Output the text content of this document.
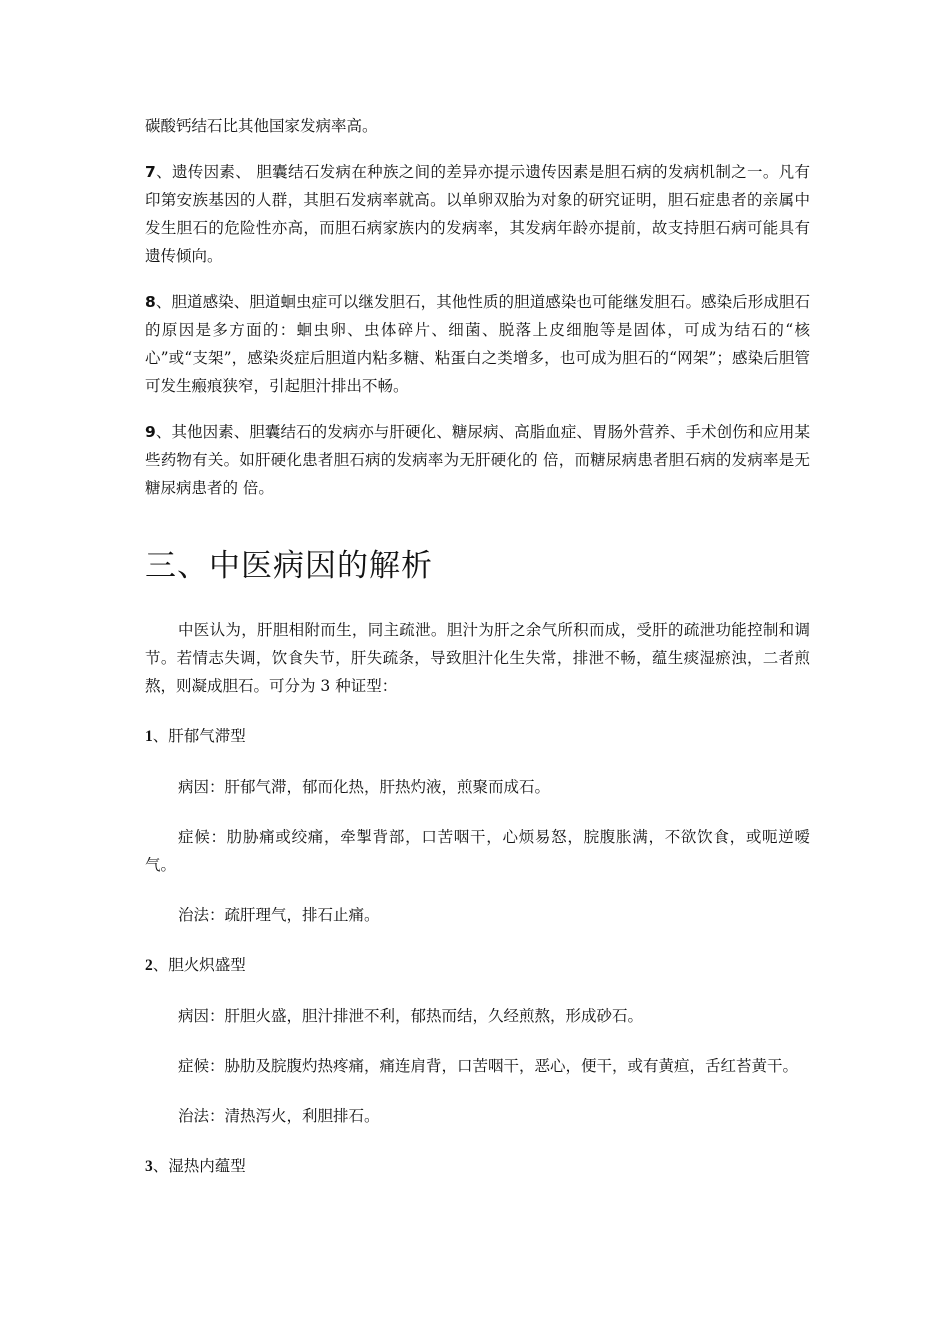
碳酸钙结石比其他国家发病率高。

7、遗传因素、 胆囊结石发病在种族之间的差异亦提示遗传因素是胆石病的发病机制之一。凡有印第安族基因的人群，其胆石发病率就高。以单卵双胎为对象的研究证明，胆石症患者的亲属中发生胆石的危险性亦高，而胆石病家族内的发病率，其发病年龄亦提前，故支持胆石病可能具有遗传倾向。

8、胆道感染、胆道蛔虫症可以继发胆石，其他性质的胆道感染也可能继发胆石。感染后形成胆石的原因是多方面的：蛔虫卵、虫体碎片、细菌、脱落上皮细胞等是固体，可成为结石的“核心”或“支架”，感染炎症后胆道内粘多糖、粘蛋白之类增多，也可成为胆石的“网架”；感染后胆管可发生瘢痕狭窄，引起胆汁排出不畅。

9、其他因素、胆囊结石的发病亦与肝硬化、糖尿病、高脂血症、胃肠外营养、手术创伤和应用某些药物有关。如肝硬化患者胆石病的发病率为无肝硬化的 倍，而糖尿病患者胆石病的发病率是无糖尿病患者的 倍。

三、中医病因的解析

中医认为，肝胆相附而生，同主疏泄。胆汁为肝之余气所积而成，受肝的疏泄功能控制和调节。若情志失调，饮食失节，肝失疏条，导致胆汁化生失常，排泄不畅，蕴生痰湿瘀浊，二者煎熬，则凝成胆石。可分为 3 种证型：

1、肝郁气滞型

病因：肝郁气滞，郁而化热，肝热灼液，煎聚而成石。

症候：肋胁痛或绞痛，牵掣背部，口苦咽干，心烦易怒，脘腹胀满，不欲饮食，或呃逆嗳气。

治法：疏肝理气，排石止痛。

2、胆火炽盛型

病因：肝胆火盛，胆汁排泄不利，郁热而结，久经煎熬，形成砂石。

症候：胁肋及脘腹灼热疼痛，痛连肩背，口苦咽干，恶心，便干，或有黄疸，舌红苔黄干。

治法：清热泻火，利胆排石。

3、湿热内蕴型
